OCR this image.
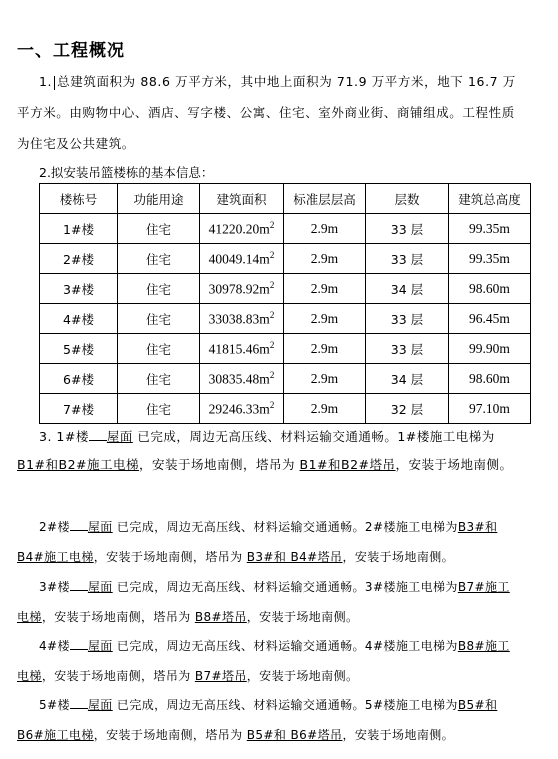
一、工程概况

1. 总建筑面积为 88.6 万平方米，其中地上面积为 71.9 万平方米，地下 16.7 万平方米。由购物中心、酒店、写字楼、公寓、住宅、室外商业街、商铺组成。工程性质为住宅及公共建筑。

2.拟安装吊篮楼栋的基本信息：

楼栋号	功能用途	建筑面积	标准层层高	层数	建筑总高度
1#楼	住宅	$41220.20m^2$	2.9m	33 层	99.35m
2#楼	住宅	$40049.14m^2$	2.9m	33 层	99.35m
3#楼	住宅	$30978.92m^2$	2.9m	34 层	98.60m
4#楼	住宅	$33038.83m^2$	2.9m	33 层	96.45m
5#楼	住宅	$41815.46m^2$	2.9m	33 层	99.90m
6#楼	住宅	$30835.48m^2$	2.9m	34 层	98.60m
7#楼	住宅	$29246.33m^2$	2.9m	32 层	97.10m

3. 1#楼 屋面 已完成，周边无高压线、材料运输交通通畅。1#楼施工电梯为B1#和B2#施工电梯，安装于场地南侧，塔吊为 B1#和B2#塔吊，安装于场地南侧。

2#楼 屋面 已完成，周边无高压线、材料运输交通通畅。2#楼施工电梯为B3#和 B4#施工电梯，安装于场地南侧，塔吊为 B3#和 B4#塔吊，安装于场地南侧。

3#楼 屋面 已完成，周边无高压线、材料运输交通通畅。3#楼施工电梯为B7#施工电梯，安装于场地南侧，塔吊为 B8#塔吊，安装于场地南侧。

4#楼 屋面 已完成，周边无高压线、材料运输交通通畅。4#楼施工电梯为B8#施工电梯，安装于场地南侧，塔吊为 B7#塔吊，安装于场地南侧。

5#楼 屋面 已完成，周边无高压线、材料运输交通通畅。5#楼施工电梯为B5#和 B6#施工电梯，安装于场地南侧，塔吊为 B5#和 B6#塔吊，安装于场地南侧。
